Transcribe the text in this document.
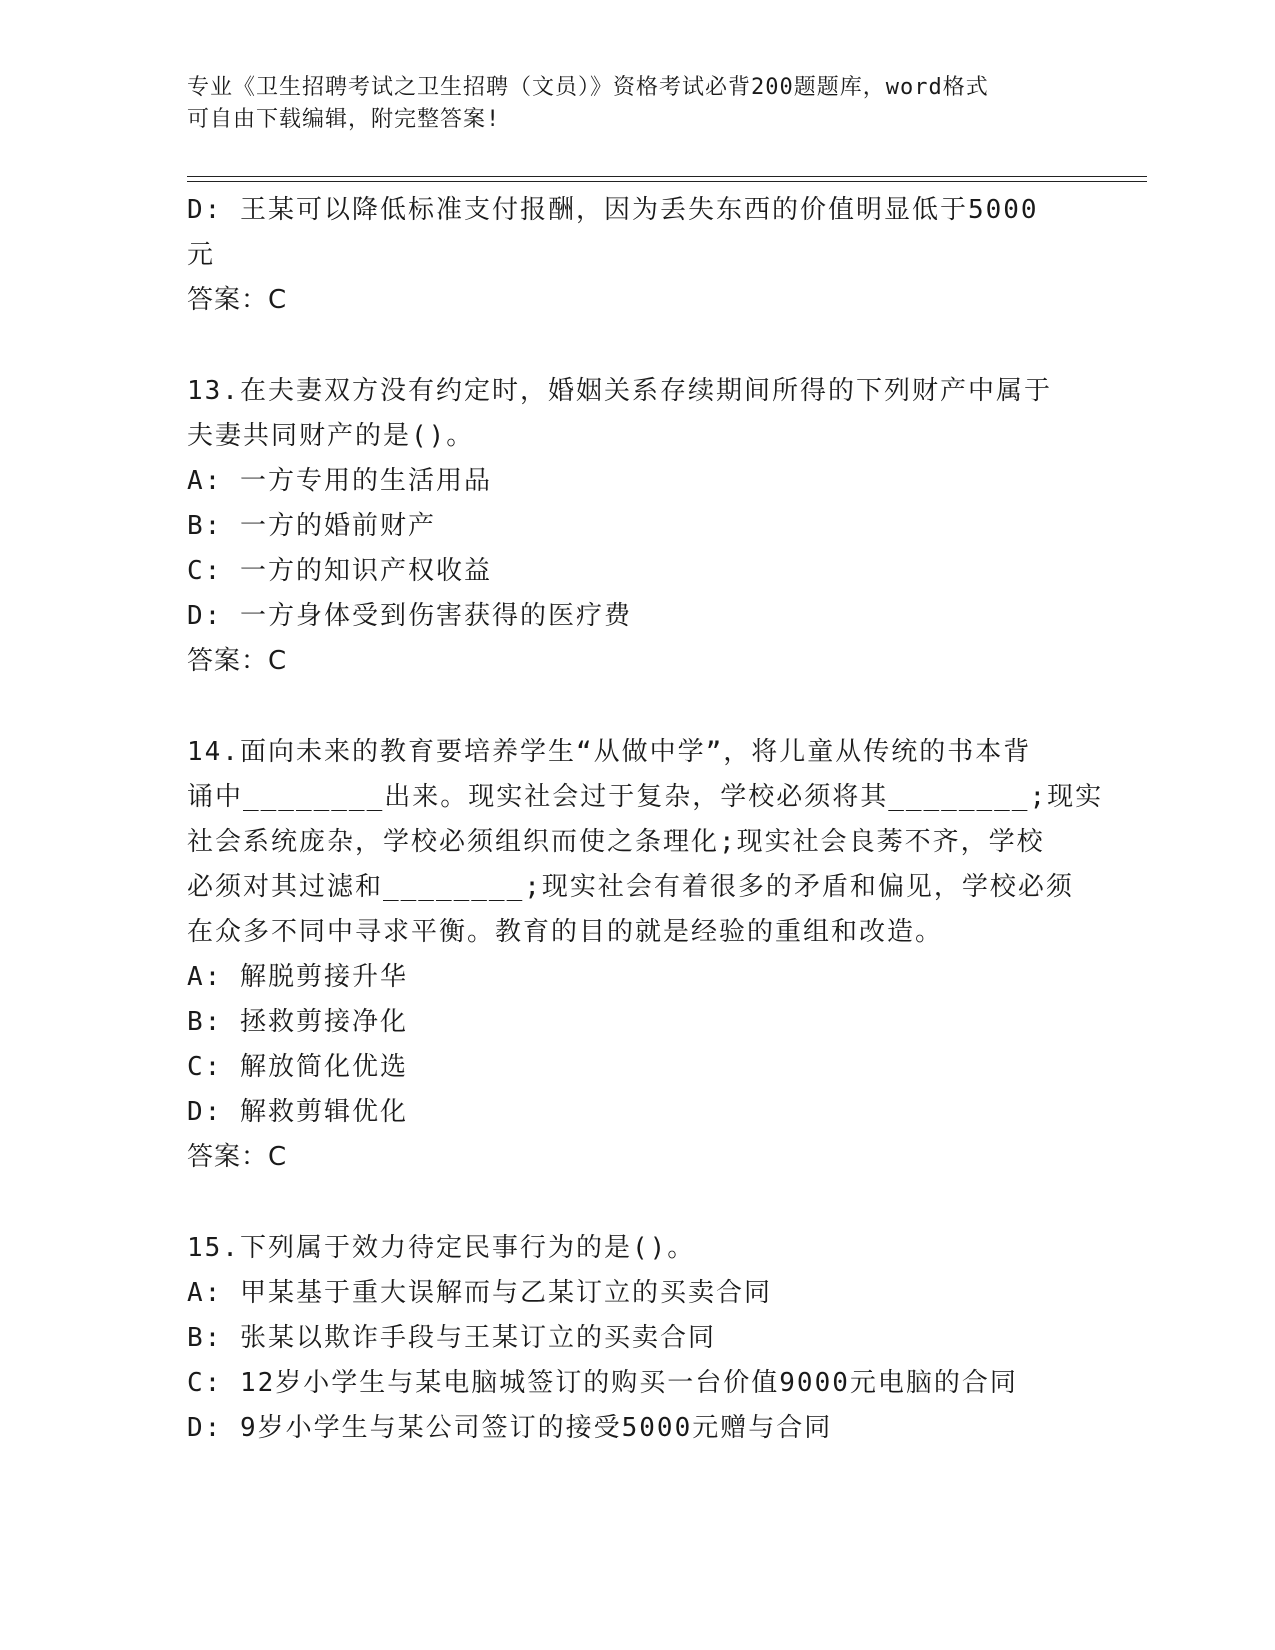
专业《卫生招聘考试之卫生招聘（文员）》资格考试必背200题题库，word格式
可自由下载编辑，附完整答案!
D: 王某可以降低标准支付报酬，因为丢失东西的价值明显低于5000
元
答案：C
13.在夫妻双方没有约定时，婚姻关系存续期间所得的下列财产中属于
夫妻共同财产的是()。
A: 一方专用的生活用品
B: 一方的婚前财产
C: 一方的知识产权收益
D: 一方身体受到伤害获得的医疗费
答案：C
14.面向未来的教育要培养学生“从做中学”，将儿童从传统的书本背
诵中________出来。现实社会过于复杂，学校必须将其________;现实
社会系统庞杂，学校必须组织而使之条理化;现实社会良莠不齐，学校
必须对其过滤和________;现实社会有着很多的矛盾和偏见，学校必须
在众多不同中寻求平衡。教育的目的就是经验的重组和改造。
A: 解脱剪接升华
B: 拯救剪接净化
C: 解放简化优选
D: 解救剪辑优化
答案：C
15.下列属于效力待定民事行为的是()。
A: 甲某基于重大误解而与乙某订立的买卖合同
B: 张某以欺诈手段与王某订立的买卖合同
C: 12岁小学生与某电脑城签订的购买一台价值9000元电脑的合同
D: 9岁小学生与某公司签订的接受5000元赠与合同
